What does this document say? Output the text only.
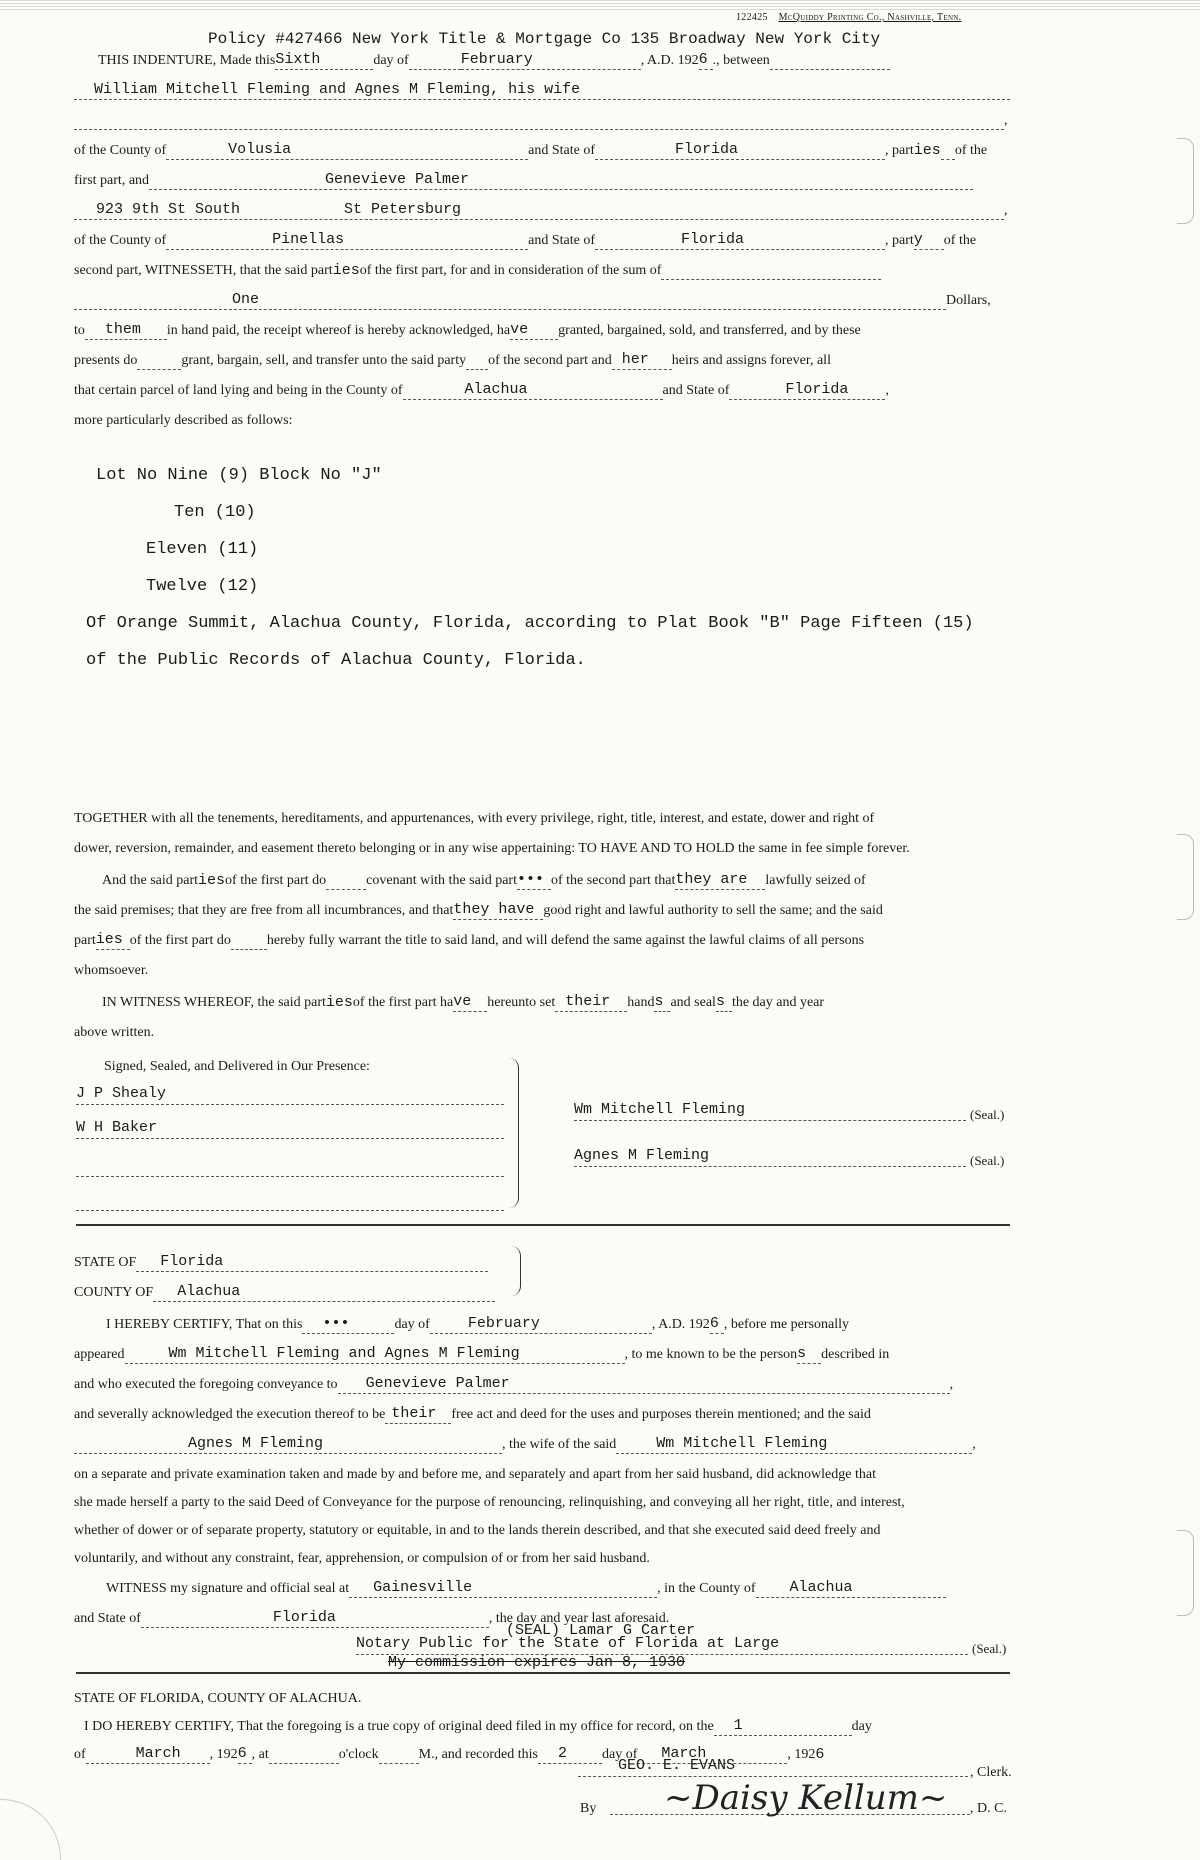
122425 McQuiddy Printing Co., Nashville, Tenn.
Policy #427466 New York Title & Mortgage Co 135 Broadway New York City
THIS INDENTURE, Made thisSixth	day of	February	, A.D. 1926 ., between
William Mitchell Fleming and Agnes M Fleming, his wife
,
of the County of	Volusia	and State of	Florida	, parties of the
first part, and	Genevieve Palmer
923 9th St South	St Petersburg	,
of the County of	Pinellas	and State of	Florida	, party of the
second part, WITNESSETH, that the said partiesof the first part, for and in consideration of the sum of
One	Dollars,
to them in hand paid, the receipt whereof is hereby acknowledged, have granted, bargained, sold, and transferred, and by these
presents do	grant, bargain, sell, and transfer unto the said party of the second part and her heirs and assigns forever, all
that certain parcel of land lying and being in the County of	Alachua	and State of	Florida	,
more particularly described as follows:
Lot No Nine (9) Block No "J"
Ten (10)
Eleven (11)
Twelve (12)
Of Orange Summit, Alachua County, Florida, according to Plat Book "B" Page Fifteen (15)
of the Public Records of Alachua County, Florida.
TOGETHER with all the tenements, hereditaments, and appurtenances, with every privilege, right, title, interest, and estate, dower and right of
dower, reversion, remainder, and easement thereto belonging or in any wise appertaining: TO HAVE AND TO HOLD the same in fee simple forever.
And the said partiesof the first part do	covenant with the said part••• of the second part thatthey are lawfully seized of
the said premises; that they are free from all incumbrances, and thatthey have good right and lawful authority to sell the same; and the said
parties of the first part do	hereby fully warrant the title to said land, and will defend the same against the lawful claims of all persons
whomsoever.
IN WITNESS WHEREOF, the said partiesof the first part have hereunto set their hands and seals the day and year
above written.
Signed, Sealed, and Delivered in Our Presence:
J P Shealy
W H Baker
Wm Mitchell Fleming	(Seal.)
Agnes M Fleming	(Seal.)
STATE OF Florida
COUNTY OF Alachua
I HEREBY CERTIFY, That on this •••	day of	February	, A.D. 1926 , before me personally
appeared	Wm Mitchell Fleming and Agnes M Fleming	, to me known to be the persons described in
and who executed the foregoing conveyance to Genevieve Palmer	,
and severally acknowledged the execution thereof to be their free act and deed for the uses and purposes therein mentioned; and the said
Agnes M Fleming	, the wife of the said	Wm Mitchell Fleming	,
on a separate and private examination taken and made by and before me, and separately and apart from her said husband, did acknowledge that
she made herself a party to the said Deed of Conveyance for the purpose of renouncing, relinquishing, and conveying all her right, title, and interest,
whether of dower or of separate property, statutory or equitable, in and to the lands therein described, and that she executed said deed freely and
voluntarily, and without any constraint, fear, apprehension, or compulsion of or from her said husband.
WITNESS my signature and official seal at Gainesville	, in the County of Alachua
and State of	Florida	, the day and year last aforesaid.
(SEAL) Lamar G Carter
Notary Public for the State of Florida at Large	(Seal.)
My commission expires Jan 8, 1930
STATE OF FLORIDA, COUNTY OF ALACHUA.
I DO HEREBY CERTIFY, That the foregoing is a true copy of original deed filed in my office for record, on the 1	day
of	March , 1926 , at	o'clock	M., and recorded this 2 day of March	, 1926
GEO. E. EVANS	, Clerk.
By	~Daisy Kellum~ , D. C.
